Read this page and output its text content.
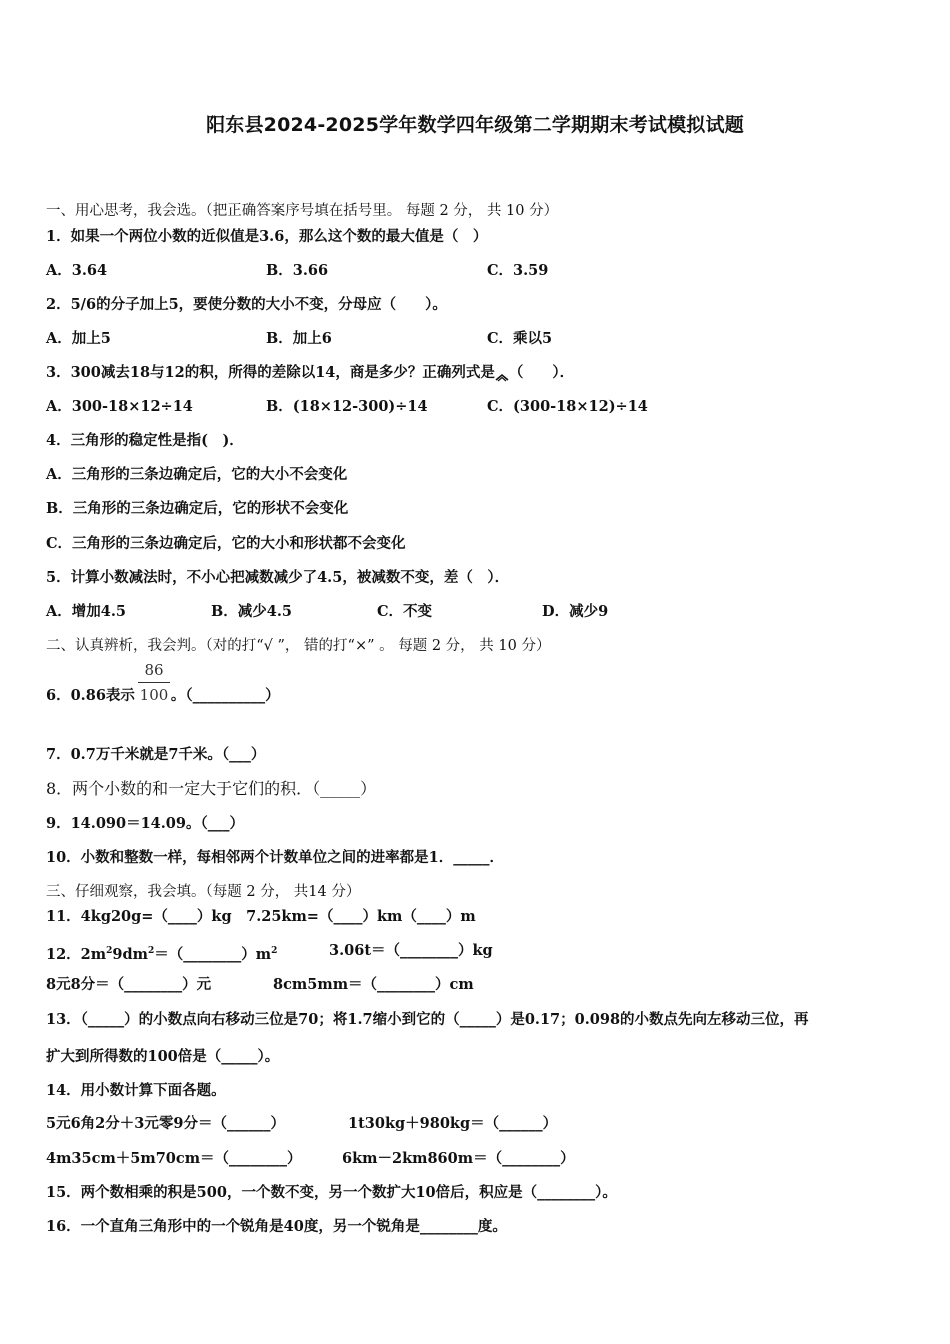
阳东县2024-2025学年数学四年级第二学期期末考试模拟试题
一、用心思考，我会选。（把正确答案序号填在括号里。 每题 2 分， 共 10 分）
1．如果一个两位小数的近似值是3.6，那么这个数的最大值是（　）
A．3.64	B．3.66	C．3.59
2．5/6的分子加上5，要使分数的大小不变，分母应（　　）。
A．加上5	B．加上6	C．乘以5
3．300减去18与12的积，所得的差除以14，商是多少？正确列式是 （　　）．
A．300-18×12÷14	B．(18×12-300)÷14	C．(300-18×12)÷14
4．三角形的稳定性是指(　)．
A．三角形的三条边确定后，它的大小不会变化
B．三角形的三条边确定后，它的形状不会变化
C．三角形的三条边确定后，它的大小和形状都不会变化
5．计算小数减法时，不小心把减数减少了4.5，被减数不变，差（　）．
A．增加4.5	B．减少4.5	C．不变	D．减少9
二、认真辨析，我会判。（对的打“√ ”， 错的打“×” 。 每题 2 分， 共 10 分）
6．0.86表示 。（__________）
86
100
7．0.7万千米就是7千米。（___）
8．两个小数的和一定大于它们的积．（_____）
9．14.090＝14.09。（___）
10．小数和整数一样，每相邻两个计数单位之间的进率都是1．_____．
三、仔细观察，我会填。（每题 2 分， 共14 分）
11．4kg20g=（____）kg　7.25km=（____）km（____）m
12．$2m^29dm^2=(\_\_\_\_\_\_\_\_)m^2$	3.06t＝（________）kg
8元8分＝（________）元	8cm5mm＝（________）cm
13．（_____）的小数点向右移动三位是70；将1.7缩小到它的（_____）是0.17；0.098的小数点先向左移动三位，再
扩大到所得数的100倍是（_____）。
14．用小数计算下面各题。
5元6角2分＋3元零9分＝（______）	1t30kg＋980kg＝（______）
4m35cm＋5m70cm＝（________）	6km－2km860m＝（________）
15．两个数相乘的积是500，一个数不变，另一个数扩大10倍后，积应是（________）。
16．一个直角三角形中的一个锐角是40度，另一个锐角是________度。
